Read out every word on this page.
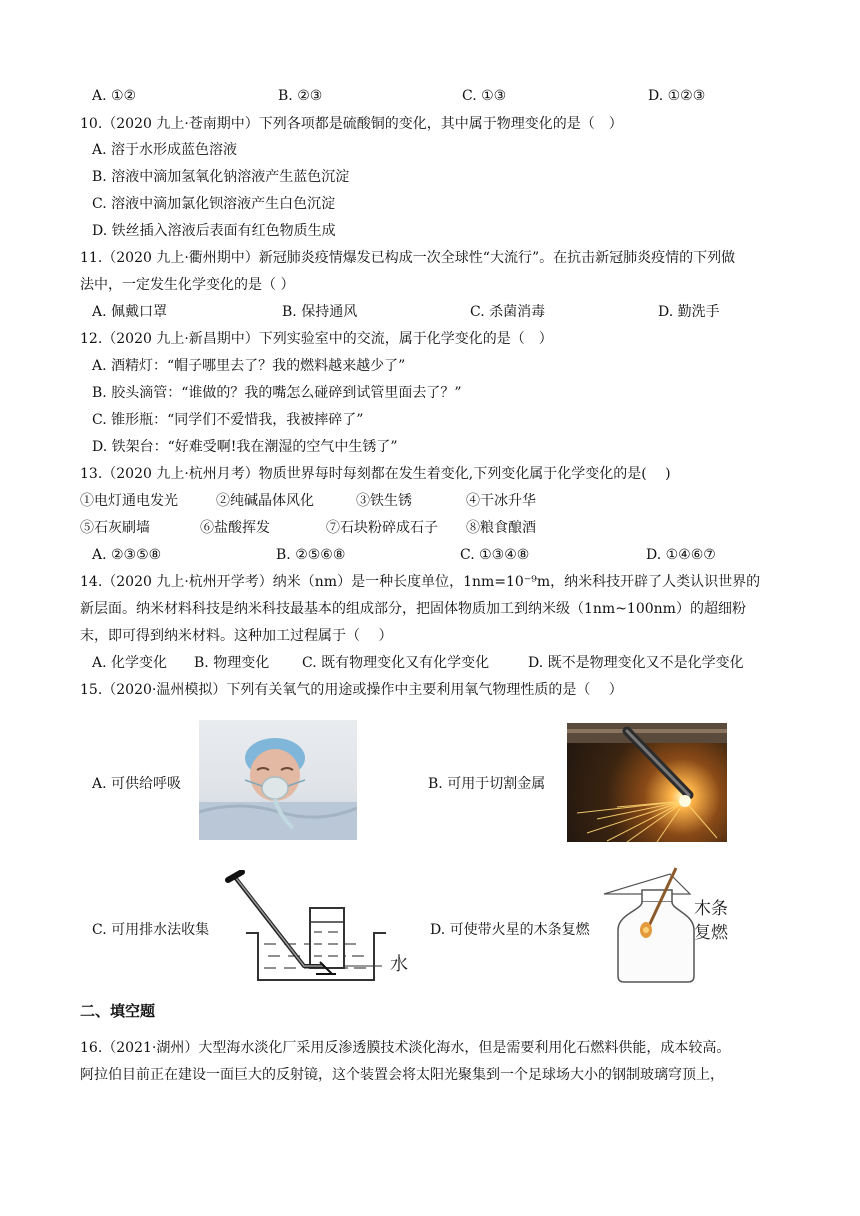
A. ①②	B. ②③	C. ①③	D. ①②③
10.（2020 九上·苍南期中）下列各项都是硫酸铜的变化，其中属于物理变化的是（　）
A. 溶于水形成蓝色溶液
B. 溶液中滴加氢氧化钠溶液产生蓝色沉淀
C. 溶液中滴加氯化钡溶液产生白色沉淀
D. 铁丝插入溶液后表面有红色物质生成
11.（2020 九上·衢州期中）新冠肺炎疫情爆发已构成一次全球性“大流行”。在抗击新冠肺炎疫情的下列做
法中，一定发生化学变化的是（ ）
A. 佩戴口罩	B. 保持通风	C. 杀菌消毒	D. 勤洗手
12.（2020 九上·新昌期中）下列实验室中的交流，属于化学变化的是（　）
A. 酒精灯：“帽子哪里去了？我的燃料越来越少了”
B. 胶头滴管：“谁做的？我的嘴怎么碰碎到试管里面去了？”
C. 锥形瓶：“同学们不爱惜我，我被摔碎了”
D. 铁架台：“好难受啊!我在潮湿的空气中生锈了”
13.（2020 九上·杭州月考）物质世界每时每刻都在发生着变化,下列变化属于化学变化的是(　 )
①电灯通电发光	②纯碱晶体风化	③铁生锈	④干冰升华
⑤石灰刷墙	⑥盐酸挥发	⑦石块粉碎成石子 ⑧粮食酿酒
A. ②③⑤⑧	B. ②⑤⑥⑧	C. ①③④⑧	D. ①④⑥⑦
14.（2020 九上·杭州开学考）纳米（nm）是一种长度单位，1nm=10⁻⁹m，纳米科技开辟了人类认识世界的
新层面。纳米材料科技是纳米科技最基本的组成部分，把固体物质加工到纳米级（1nm~100nm）的超细粉
末，即可得到纳米材料。这种加工过程属于（　 ）
A. 化学变化 B. 物理变化 C. 既有物理变化又有化学变化	D. 既不是物理变化又不是化学变化
15.（2020·温州模拟）下列有关氧气的用途或操作中主要利用氧气物理性质的是（　 ）
A. 可供给呼吸	B. 可用于切割金属
C. 可用排水法收集
水
D. 可使带火星的木条复燃
木条
复燃
二、填空题
16.（2021·湖州）大型海水淡化厂采用反渗透膜技术淡化海水，但是需要利用化石燃料供能，成本较高。
阿拉伯目前正在建设一面巨大的反射镜，这个装置会将太阳光聚集到一个足球场大小的钢制玻璃穹顶上，
